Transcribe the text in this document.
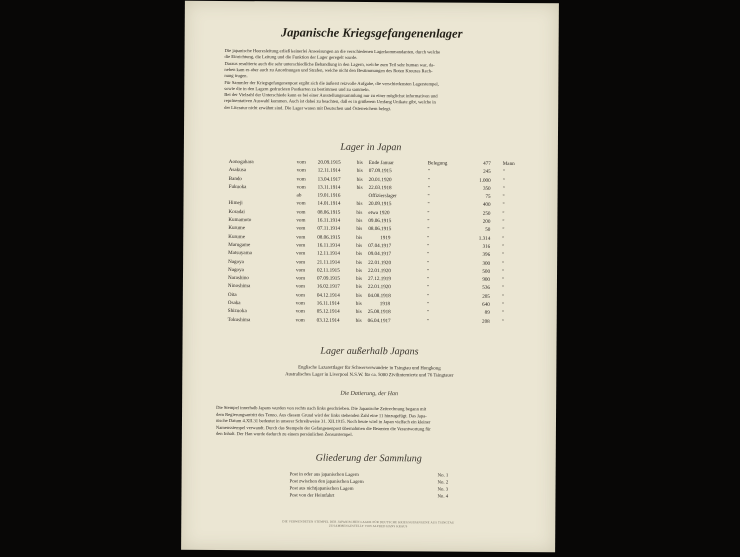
Japanische Kriegsgefangenenlager
Die japanische Heeresleitung erließ keinerlei Anweisungen an die verschiedenen Lagerkommandanten, durch welche
die Einrichtung, die Leitung und die Funktion der Lager geregelt wurde.
Daraus resultierte auch die sehr unterschiedliche Behandlung in den Lagern, welche zum Teil sehr human war, da-
neben kam es aber auch zu Anordnungen und Strafen, welche nicht den Bestimmungen des Roten Kreuzes Rech-
nung trugen.
Für Sammler der Kriegsgefangenenpost ergibt sich die äußerst reizvolle Aufgabe, die verschiedensten Lagerstempel,
sowie die in den Lagern gedruckten Postkarten zu bestimmen und zu sammeln.
Bei der Vielzahl der Unterschiede kann es bei einer Ausstellungssammlung nur zu einer möglichst informativen und
repräsentativen Auswahl kommen. Auch ist dabei zu beachten, daß es in größerem Umfang Unikate gibt, welche in
der Literatur nicht erwähnt sind. Die Lager waren mit Deutschen und Österreichern belegt.
Lager in Japan
Aonogahara	vom 20.09.1915	bis Ende Januar	Belegung	477 Mann
Asakusa	vom 12.11.1914	bis 07.09.1915	"	245 "
Bando	vom 13.04.1917	bis 20.01.1920	"	1.000 "
Fukuoka	vom 13.11.1914	bis 22.03.1918	"	350 "
ab	19.01.1916	Offizierslager	"	75 "
Himeji	vom 14.01.1914	bis 20.09.1915	"	400 "
Koradai	vom 08.06.1915	bis etwa 1920	"	250 "
Kumamoto	vom 16.11.1914	bis 09.06.1915	"	200 "
Kurume	vom 07.11.1914	bis 08.06.1915	"	50 "
Kurume	vom 08.06.1915	bis	1919	"	1.314 "
Marugame	vom 16.11.1914	bis 07.04.1917	"	316 "
Matsuyama	vom 12.11.1914	bis 09.04.1917	"	396 "
Nagoya	vom 21.11.1914	bis 22.01.1920	"	300 "
Nagoya	vom 02.11.1915	bis 22.01.1920	"	500 "
Narashino	vom 07.09.1915	bis 27.12.1919	"	900 "
Ninoshima	vom 16.02.1917	bis 22.01.1920	"	536 "
Oita	vom 04.12.1914	bis 04.08.1918	"	205 "
Osaka	vom 16.11.1914	bis	1918	"	640 "
Shizuoka	vom 05.12.1914	bis 25.08.1918	"	89 "
Tokushima	vom 03.12.1914	bis 06.04.1917	"	208 "
Lager außerhalb Japans
Englische Lazarettlager für Schwerverwundete in Tsingtau und Hongkong
Australisches Lager in Liverpool N.S.W. für ca. 5000 Zivilinternierte und 76 Tsingtauer
Die Datierung, der Han
Die Stempel innerhalb Japans wurden von rechts nach links geschrieben. Die Japanische Zeitrechnung begann mit
dem Regierungsantritt des Tenno. Aus diesem Grund wird der links stehenden Zahl eine 11 hinzugefügt. Das Japa-
nische Datum 4.XII.31 bedeutet in unserer Schreibweise 31. XII.1915. Noch heute wird in Japan vielfach ein kleiner
Namensstempel verwandt. Durch das Stempeln der Gefangenenpost übernahmen die Beamten die Verantwortung für
den Inhalt. Der Han wurde dadurch zu einem persönlichen Zensurstempel.
Gliederung der Sammlung
Post in oder aus japanischen Lagern	No. 1
Post zwischen den japanischen Lagern	No. 2
Post aus nichtjapanischen Lagern	No. 3
Post von der Heimfahrt	No. 4
DIE VERWENDETEN STEMPEL DER JAPANISCHEN LAGER FÜR DEUTSCHE KRIEGSGEFANGENE AUS TSINGTAU
ZUSAMMENGESTELLT VON ALFRED HANS KRAUS
